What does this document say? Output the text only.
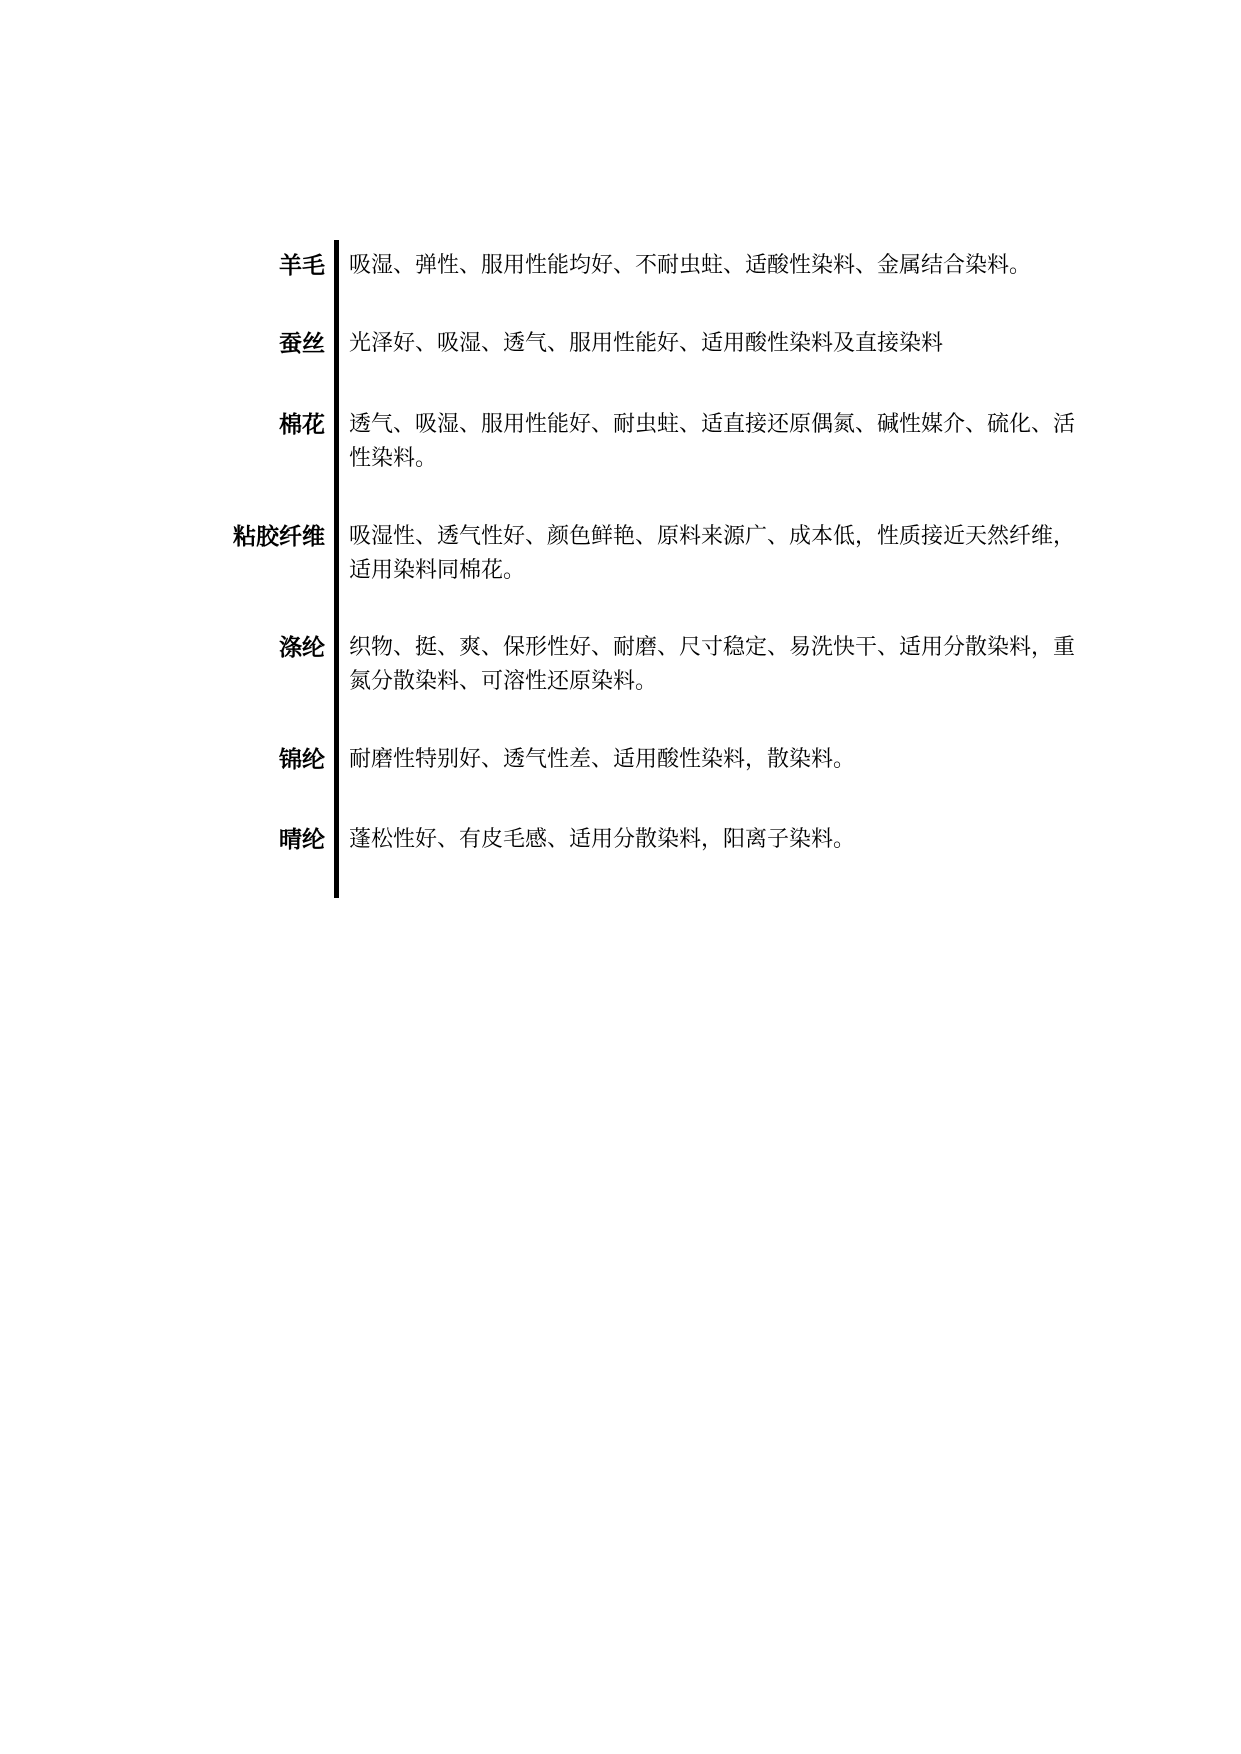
羊毛 吸湿、弹性、服用性能均好、不耐虫蛀、适酸性染料、金属结合染料。
蚕丝 光泽好、吸湿、透气、服用性能好、适用酸性染料及直接染料
棉花 透气、吸湿、服用性能好、耐虫蛀、适直接还原偶氮、碱性媒介、硫化、活性染料。
粘胶纤维 吸湿性、透气性好、颜色鲜艳、原料来源广、成本低，性质接近天然纤维，适用染料同棉花。
涤纶 织物、挺、爽、保形性好、耐磨、尺寸稳定、易洗快干、适用分散染料，重氮分散染料、可溶性还原染料。
锦纶 耐磨性特别好、透气性差、适用酸性染料，散染料。
晴纶 蓬松性好、有皮毛感、适用分散染料，阳离子染料。
